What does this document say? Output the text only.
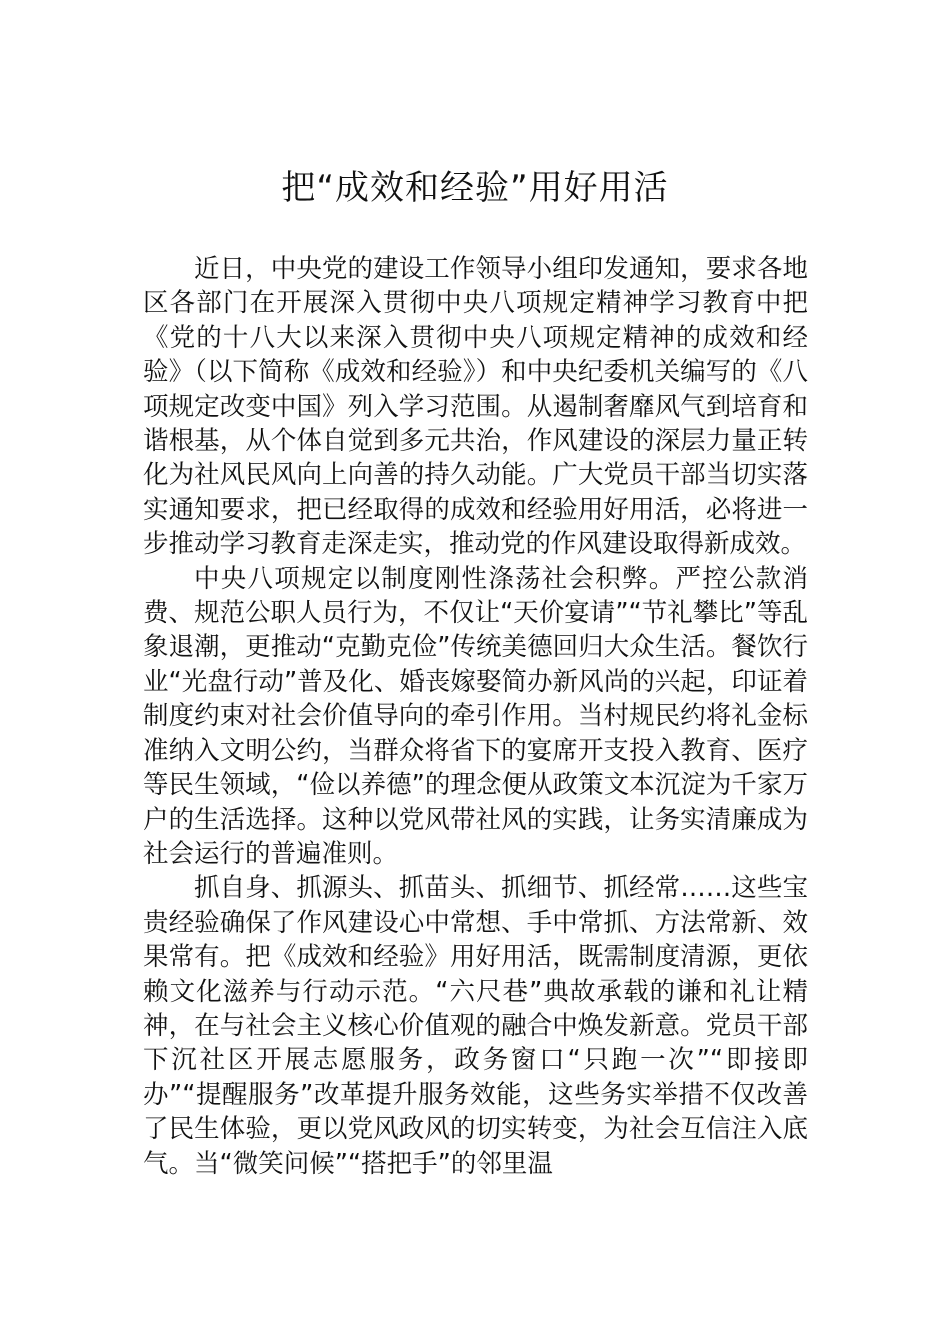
把“成效和经验”用好用活

近日，中央党的建设工作领导小组印发通知，要求各地区各部门在开展深入贯彻中央八项规定精神学习教育中把《党的十八大以来深入贯彻中央八项规定精神的成效和经验》（以下简称《成效和经验》）和中央纪委机关编写的《八项规定改变中国》列入学习范围。从遏制奢靡风气到培育和谐根基，从个体自觉到多元共治，作风建设的深层力量正转化为社风民风向上向善的持久动能。广大党员干部当切实落实通知要求，把已经取得的成效和经验用好用活，必将进一步推动学习教育走深走实，推动党的作风建设取得新成效。

中央八项规定以制度刚性涤荡社会积弊。严控公款消费、规范公职人员行为，不仅让“天价宴请”“节礼攀比”等乱象退潮，更推动“克勤克俭”传统美德回归大众生活。餐饮行业“光盘行动”普及化、婚丧嫁娶简办新风尚的兴起，印证着制度约束对社会价值导向的牵引作用。当村规民约将礼金标准纳入文明公约，当群众将省下的宴席开支投入教育、医疗等民生领域，“俭以养德”的理念便从政策文本沉淀为千家万户的生活选择。这种以党风带社风的实践，让务实清廉成为社会运行的普遍准则。

抓自身、抓源头、抓苗头、抓细节、抓经常……这些宝贵经验确保了作风建设心中常想、手中常抓、方法常新、效果常有。把《成效和经验》用好用活，既需制度清源，更依赖文化滋养与行动示范。“六尺巷”典故承载的谦和礼让精神，在与社会主义核心价值观的融合中焕发新意。党员干部下沉社区开展志愿服务，政务窗口“只跑一次”“即接即办”“提醒服务”改革提升服务效能，这些务实举措不仅改善了民生体验，更以党风政风的切实转变，为社会互信注入底气。当“微笑问候”“搭把手”的邻里温
